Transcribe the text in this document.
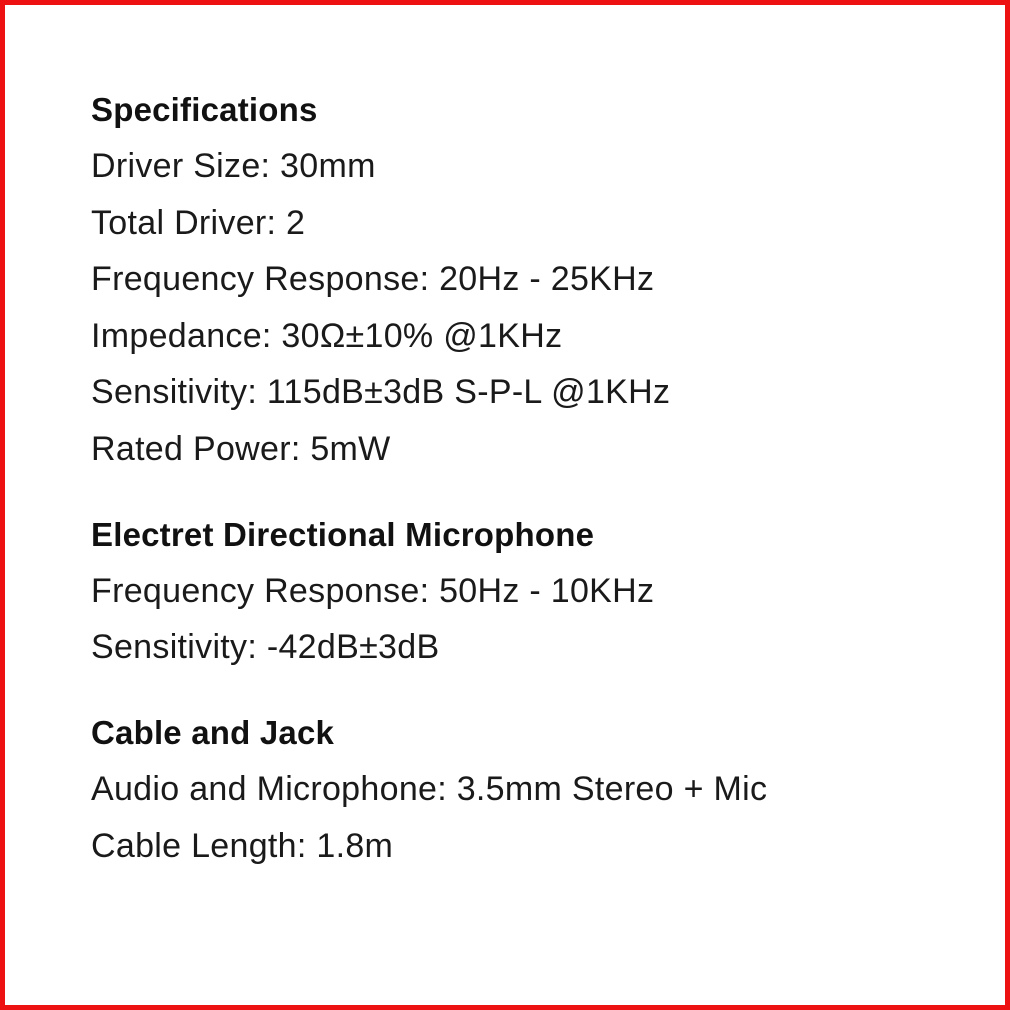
Specifications
Driver Size: 30mm
Total Driver: 2
Frequency Response: 20Hz - 25KHz
Impedance: 30Ω±10% @1KHz
Sensitivity: 115dB±3dB S-P-L @1KHz
Rated Power: 5mW
Electret Directional Microphone
Frequency Response: 50Hz - 10KHz
Sensitivity: -42dB±3dB
Cable and Jack
Audio and Microphone: 3.5mm Stereo + Mic
Cable Length: 1.8m
